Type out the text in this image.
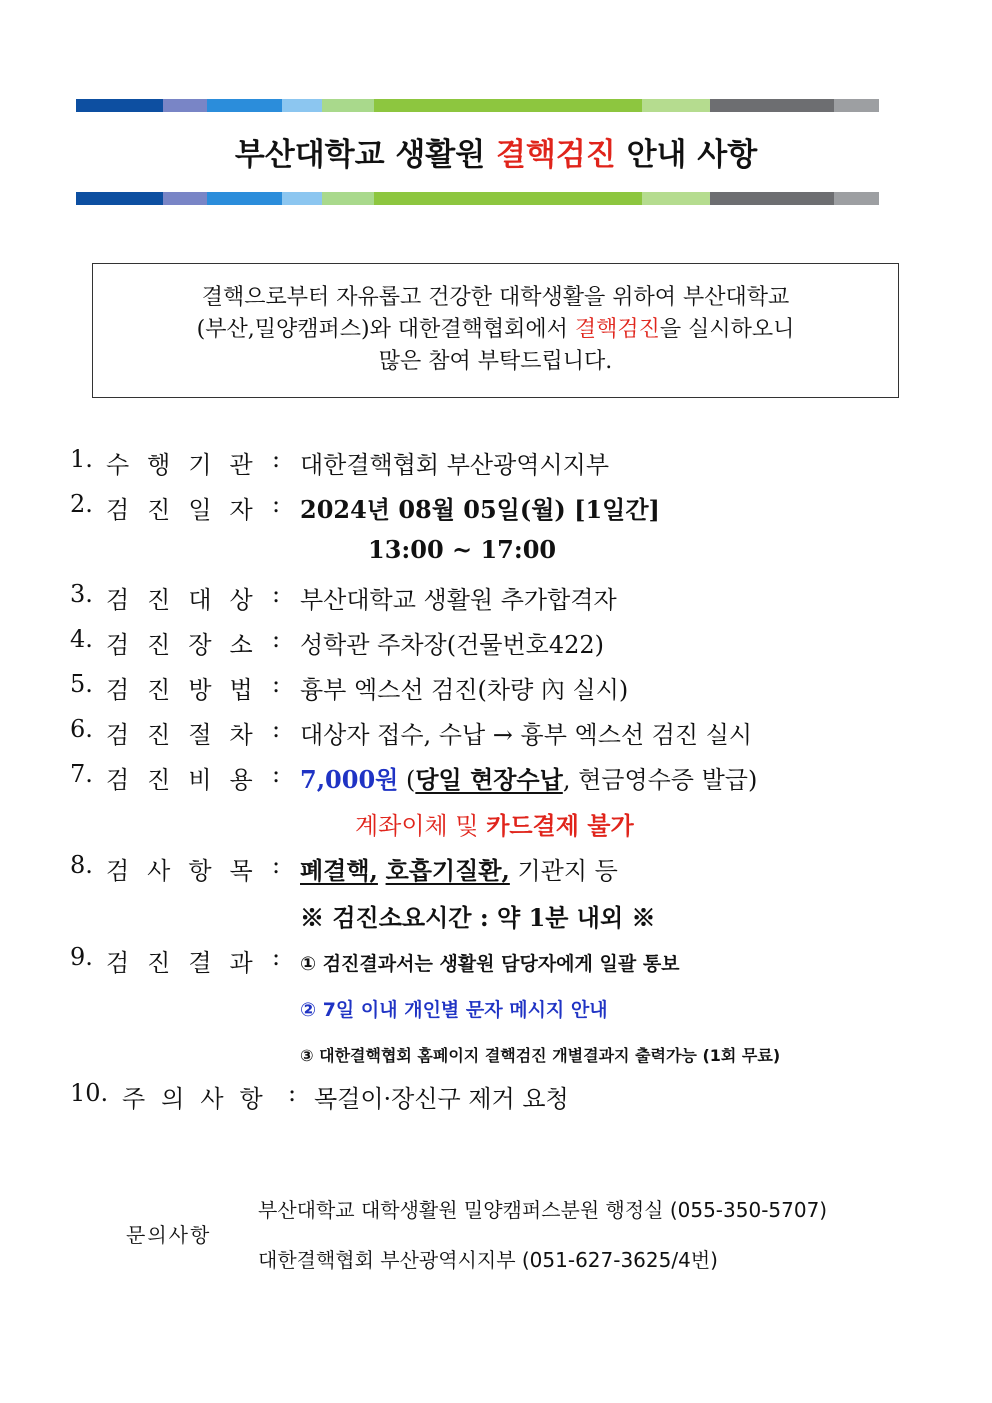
부산대학교 생활원 결핵검진 안내 사항
결핵으로부터 자유롭고 건강한 대학생활을 위하여 부산대학교
(부산,밀양캠퍼스)와 대한결핵협회에서 결핵검진을 실시하오니
많은 참여 부탁드립니다.
1. 수행기관 : 대한결핵협회 부산광역시지부
2. 검진일자 : 2024년 08월 05일(월) [1일간]
13:00 ~ 17:00
3. 검진대상 : 부산대학교 생활원 추가합격자
4. 검진장소 : 성학관 주차장(건물번호422)
5. 검진방법 : 흉부 엑스선 검진(차량 內 실시)
6. 검진절차 : 대상자 접수, 수납 → 흉부 엑스선 검진 실시
7. 검진비용 : 7,000원 (당일 현장수납, 현금영수증 발급)
계좌이체 및 카드결제 불가
8. 검사항목 : 폐결핵, 호흡기질환, 기관지 등
※ 검진소요시간 : 약 1분 내외 ※
9. 검진결과 : ① 검진결과서는 생활원 담당자에게 일괄 통보
② 7일 이내 개인별 문자 메시지 안내
③ 대한결핵협회 홈페이지 결핵검진 개별결과지 출력가능 (1회 무료)
10. 주의사항 : 목걸이·장신구 제거 요청
문의사항
부산대학교 대학생활원 밀양캠퍼스분원 행정실 (055-350-5707)
대한결핵협회 부산광역시지부 (051-627-3625/4번)
